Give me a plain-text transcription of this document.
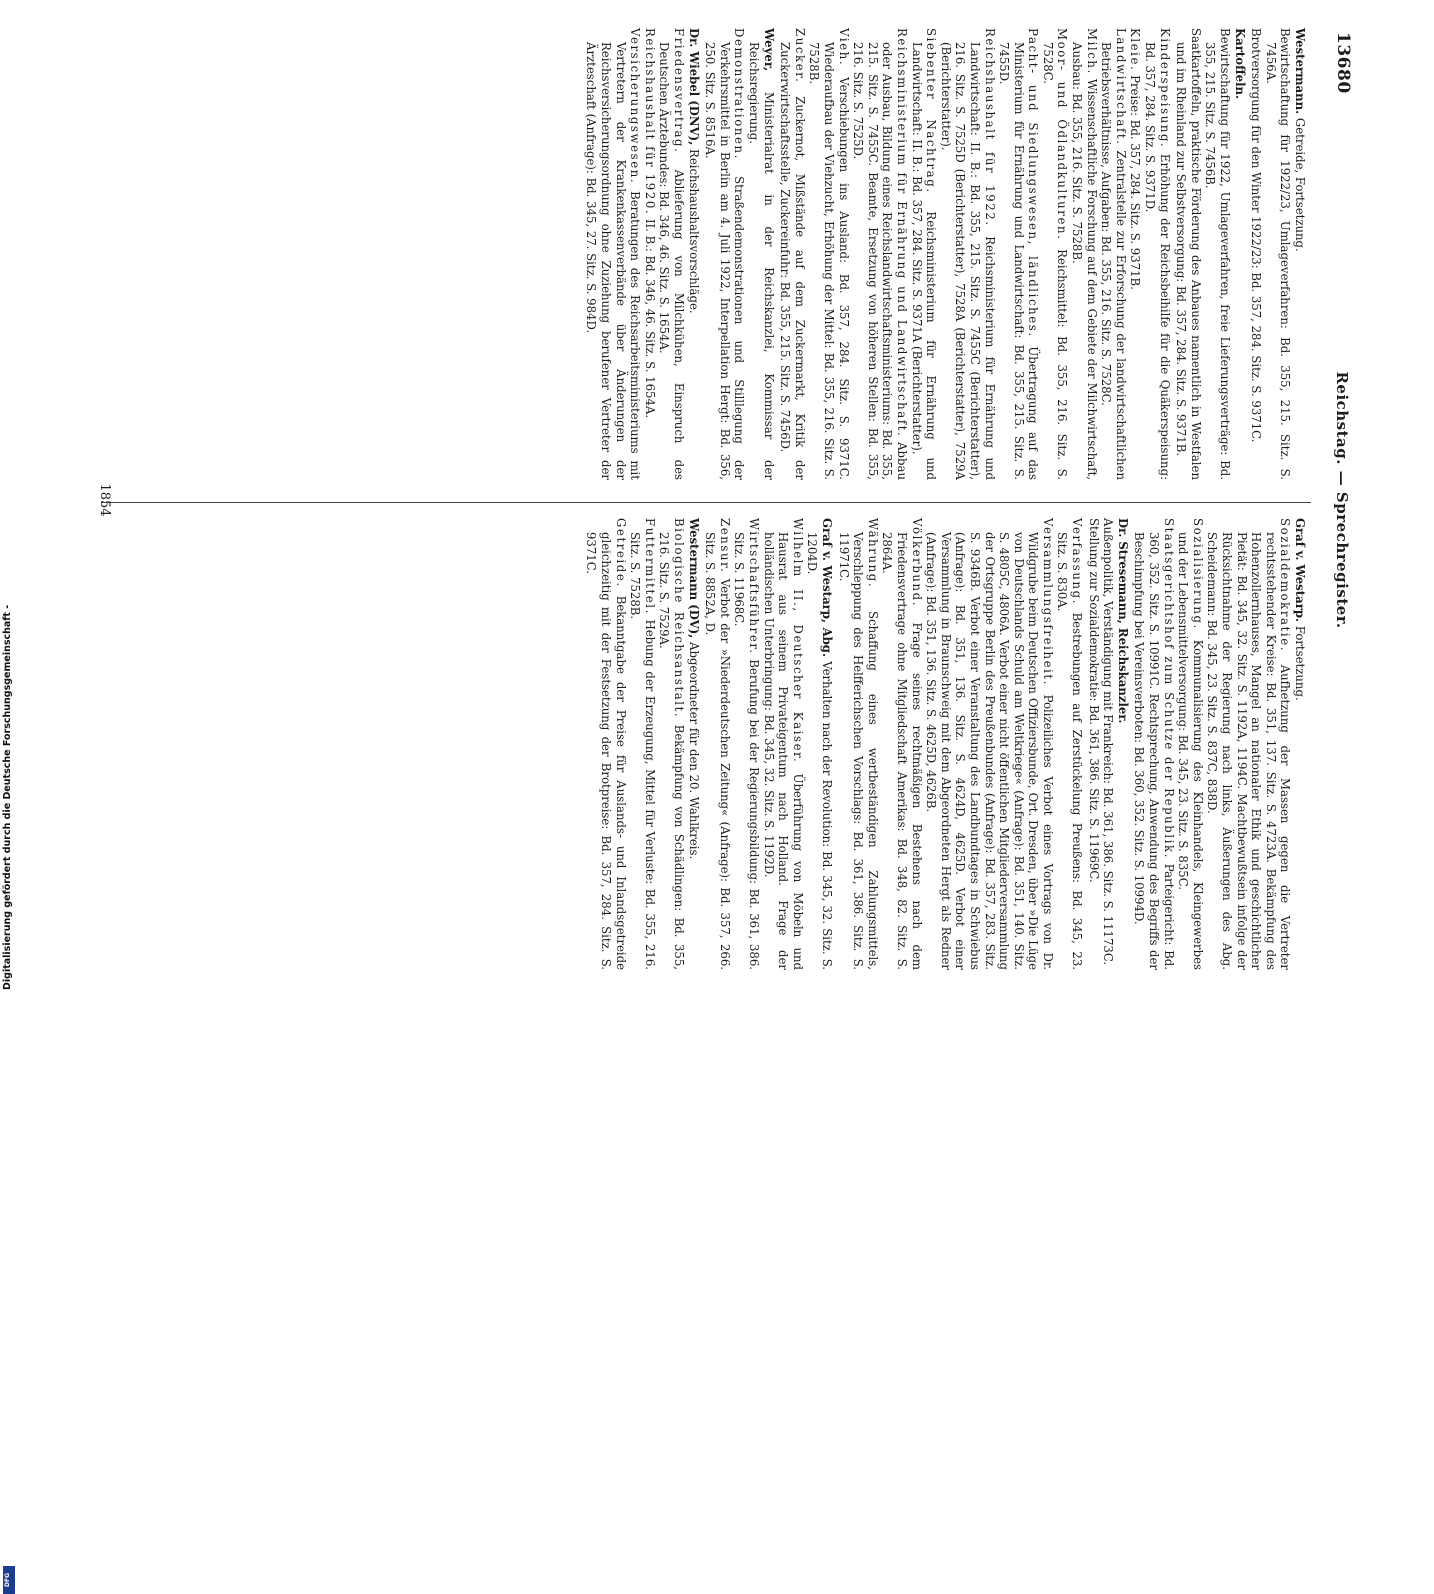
Reichstag. — Sprechregister.
13680
Westermann. Getreide, Fortsetzung.
Bewirtschaftung für 1922/23, Umlageverfahren: Bd. 355, 215. Sitz. S. 7456A.
Brotversorgung für den Winter 1922/23: Bd. 357, 284. Sitz. S. 9371C.
Kartoffeln.
Bewirtschaftung für 1922, Umlageverfahren, freie Lieferungsverträge: Bd. 355, 215. Sitz. S. 7456B.
Saatkartoffeln, praktische Förderung des Anbaues namentlich in Westfalen und im Rheinland zur Selbstversorgung: Bd. 357, 284. Sitz. S. 9371B.
Kinderspeisung. Erhöhung der Reichsbeihilfe für die Quäkerspeisung: Bd. 357, 284. Sitz. S. 9371D.
Kleie. Preise: Bd. 357, 284. Sitz. S. 9371B.
Landwirtschaft. Zentralstelle zur Erforschung der landwirtschaftlichen Betriebsverhältnisse, Aufgaben: Bd. 355, 216. Sitz. S. 7528C.
Milch. Wissenschaftliche Forschung auf dem Gebiete der Milchwirtschaft, Ausbau: Bd. 355, 216. Sitz. S. 7528B.
Moor- und Ödlandkulturen. Reichsmittel: Bd. 355, 216. Sitz. S. 7528C.
Pacht- und Siedlungswesen, ländliches. Übertragung auf das Ministerium für Ernährung und Landwirtschaft: Bd. 355, 215. Sitz. S. 7455D.
Reichshaushalt für 1922. Reichsministerium für Ernährung und Landwirtschaft: II. B.: Bd. 355, 215. Sitz. S. 7455C (Berichterstatter), 216. Sitz. S. 7525D (Berichterstatter), 7528A (Berichterstatter), 7529A (Berichterstatter).
Siebenter Nachtrag. Reichsministerium für Ernährung und Landwirtschaft: II. B.: Bd. 357, 284. Sitz. S. 9371A (Berichterstatter).
Reichsministerium für Ernährung und Landwirtschaft. Abbau oder Ausbau, Bildung eines Reichslandwirtschaftsministeriums: Bd. 355, 215. Sitz. S. 7455C. Beamte, Ersetzung von höheren Stellen: Bd. 355, 216. Sitz. S. 7525D.
Vieh. Verschiebungen ins Ausland: Bd. 357, 284. Sitz. S. 9371C. Wiederaufbau der Viehzucht, Erhöhung der Mittel: Bd. 355, 216. Sitz. S. 7528B.
Zucker. Zuckernot, Mißstände auf dem Zuckermarkt, Kritik der Zuckerwirtschaftsstelle, Zuckereinfuhr: Bd. 355, 215. Sitz. S. 7456D.
Weyer, Ministerialrat in der Reichskanzlei, Kommissar der Reichsregierung.
Demonstrationen. Straßendemonstrationen und Stilllegung der Verkehrsmittel in Berlin am 4. Juli 1922, Interpellation Hergt: Bd. 356, 250. Sitz. S. 8516A.
Dr. Wiebel (DNV), Reichshaushaltsvorschläge.
Friedensvertrag. Ablieferung von Milchkühen, Einspruch des Deutschen Ärztebundes: Bd. 346, 46. Sitz. S. 1654A.
Reichshaushalt für 1920. II. B.: Bd. 346, 46. Sitz. S. 1654A.
Versicherungswesen. Beratungen des Reichsarbeitsministeriums mit Vertretern der Krankenkassenverbände über Änderungen der Reichsversicherungsordnung ohne Zuziehung berufener Vertreter der Ärzteschaft (Anfrage): Bd. 345, 27. Sitz. S. 984D.
Graf v. Westarp. Fortsetzung.
Sozialdemokratie. Aufhetzung der Massen gegen die Vertreter rechtsstehender Kreise: Bd. 351, 137. Sitz. S. 4723A. Bekämpfung des Hohenzollernhauses, Mangel an nationaler Ethik und geschichtlicher Pietät: Bd. 345, 32. Sitz. S. 1192A, 1194C. Machtbewußtsein infolge der Rücksichtnahme der Regierung nach links, Äußerungen des Abg. Scheidemann: Bd. 345, 23. Sitz. S. 837C, 838D.
Sozialisierung. Kommunalisierung des Kleinhandels, Kleingewerbes und der Lebensmittelversorgung: Bd. 345, 23. Sitz. S. 835C.
Staatsgerichtshof zum Schutze der Republik. Parteigericht: Bd. 360, 352. Sitz. S. 10991C. Rechtsprechung, Anwendung des Begriffs der Beschimpfung bei Vereinsverboten: Bd. 360, 352. Sitz. S. 10994D.
Dr. Stresemann, Reichskanzler.
Außenpolitik, Verständigung mit Frankreich: Bd. 361, 386. Sitz. S. 11173C.
Stellung zur Sozialdemokratie: Bd. 361, 386. Sitz. S. 11969C.
Verfassung. Bestrebungen auf Zerstückelung Preußens: Bd. 345, 23. Sitz. S. 830A.
Versammlungsfreiheit. Polizeiliches Verbot eines Vortrags von Dr. Wildgrube beim Deutschen Offiziersbunde, Ort. Dresden, über »Die Lüge von Deutschlands Schuld am Weltkriege« (Anfrage): Bd. 351, 140. Sitz. S. 4805C, 4806A. Verbot einer nicht öffentlichen Mitgliederversammlung der Ortsgruppe Berlin des Preußenbundes (Anfrage): Bd. 357, 283. Sitz. S. 9346B. Verbot einer Veranstaltung des Landbundtages in Schwiebus (Anfrage): Bd. 351, 136. Sitz. S. 4624D, 4625D. Verbot einer Versammlung in Braunschweig mit dem Abgeordneten Hergt als Redner (Anfrage): Bd. 351, 136. Sitz. S. 4625D, 4626B.
Völkerbund. Frage seines rechtmäßigen Bestehens nach dem Friedensvertrage ohne Mitgliedschaft Amerikas: Bd. 348, 82. Sitz. S. 2864A.
Währung. Schaffung eines wertbeständigen Zahlungsmittels, Verschleppung des Helfferichschen Vorschlags: Bd. 361, 386. Sitz. S. 11971C.
Graf v. Westarp, Abg. Verhalten nach der Revolution: Bd. 345, 32. Sitz. S. 1204D.
Wilhelm II., Deutscher Kaiser. Überführung von Möbeln und Hausrat aus seinem Privateigentum nach Holland. Frage der holländischen Unterbringung: Bd. 345, 32. Sitz. S. 1192D.
Wirtschaftsführer. Berufung bei der Regierungsbildung: Bd. 361, 386. Sitz. S. 11968C.
Zensur. Verbot der »Niederdeutschen Zeitung« (Anfrage): Bd. 357, 266. Sitz. S. 8852A, D.
Westermann (DV), Abgeordneter für den 20. Wahlkreis.
Biologische Reichsanstalt. Bekämpfung von Schädlingen: Bd. 355, 216. Sitz. S. 7529A.
Futtermittel. Hebung der Erzeugung, Mittel für Verluste: Bd. 355, 216. Sitz. S. 7528B.
Getreide. Bekanntgabe der Preise für Auslands- und Inlandsgetreide gleichzeitig mit der Festsetzung der Brotpreise: Bd. 357, 284. Sitz. S. 9371C.
1854
Digitalisierung gefördert durch die Deutsche Forschungsgemeinschaft -
DFG
